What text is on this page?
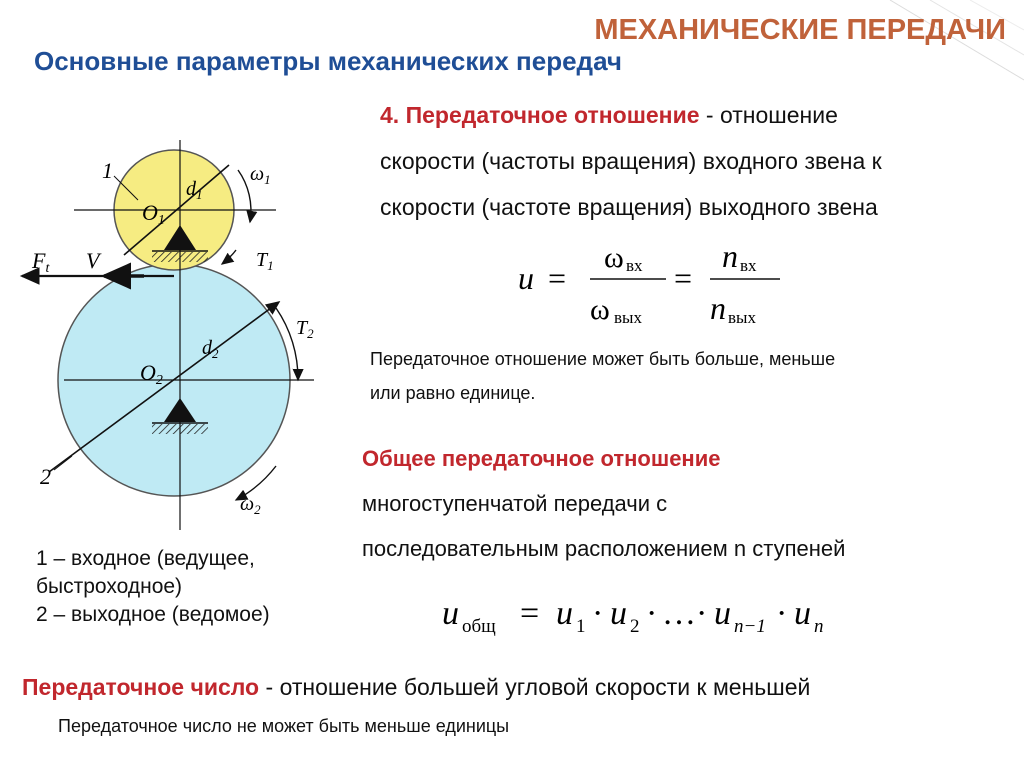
МЕХАНИЧЕСКИЕ ПЕРЕДАЧИ
Основные параметры механических передач
1
2
O1
O2
$d_1$
$d_2$
$\omega_1$
$\omega_2$
$T_1$
$T_2$
Ft V
4. Передаточное отношение - отношение
скорости (частоты вращения) входного звена к
скорости (частоте вращения) выходного звена
u =
ω вх
ω вых
=
n вх
n вых
Передаточное отношение может быть больше, меньше
или равно единице.
Общее передаточное отношение
многоступенчатой передачи с
последовательным расположением n ступеней
u общ = u 1 · u 2 · … · u n−1 · u n
1 – входное (ведущее,
быстроходное)
2 – выходное (ведомое)
Передаточное число - отношение большей угловой скорости к меньшей
Передаточное число не может быть меньше единицы
